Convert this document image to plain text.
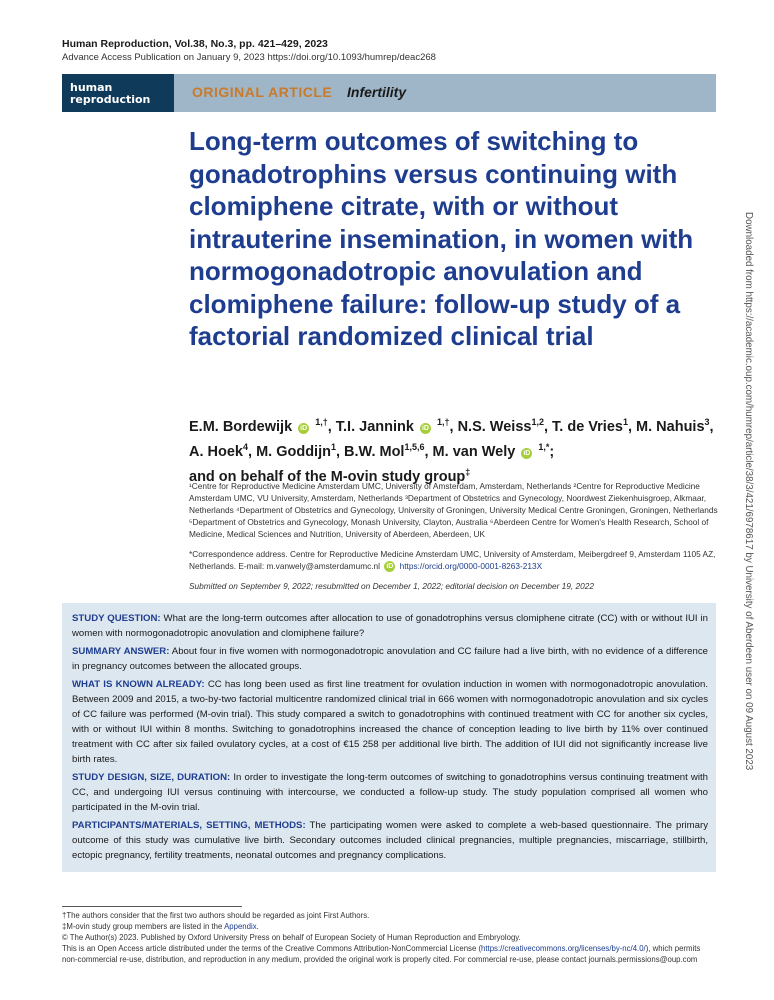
Human Reproduction, Vol.38, No.3, pp. 421–429, 2023
Advance Access Publication on January 9, 2023 https://doi.org/10.1093/humrep/deac268
human
reproduction	ORIGINAL ARTICLE Infertility
Long-term outcomes of switching to gonadotrophins versus continuing with clomiphene citrate, with or without intrauterine insemination, in women with normogonadotropic anovulation and clomiphene failure: follow-up study of a factorial randomized clinical trial
E.M. Bordewijk iD $^{1,\dagger}$, T.I. Jannink iD $^{1,\dagger}$, N.S. Weiss$^{1,2}$, T. de Vries$^1$, M. Nahuis$^3$, A. Hoek$^4$, M. Goddijn$^1$, B.W. Mol$^{1,5,6}$, M. van Wely iD $^{1,*}$;
and on behalf of the M-ovin study group‡
¹Centre for Reproductive Medicine Amsterdam UMC, University of Amsterdam, Amsterdam, Netherlands ²Centre for Reproductive Medicine Amsterdam UMC, VU University, Amsterdam, Netherlands ³Department of Obstetrics and Gynecology, Noordwest Ziekenhuisgroep, Alkmaar, Netherlands ⁴Department of Obstetrics and Gynecology, University of Groningen, University Medical Centre Groningen, Groningen, Netherlands ⁵Department of Obstetrics and Gynecology, Monash University, Clayton, Australia ⁶Aberdeen Centre for Women's Health Research, School of Medicine, Medical Sciences and Nutrition, University of Aberdeen, Aberdeen, UK
*Correspondence address. Centre for Reproductive Medicine Amsterdam UMC, University of Amsterdam, Meibergdreef 9, Amsterdam 1105 AZ, Netherlands. E-mail: m.vanwely@amsterdamumc.nl iD https://orcid.org/0000-0001-8263-213X
Submitted on September 9, 2022; resubmitted on December 1, 2022; editorial decision on December 19, 2022

STUDY QUESTION: What are the long-term outcomes after allocation to use of gonadotrophins versus clomiphene citrate (CC) with or without IUI in women with normogonadotropic anovulation and clomiphene failure?

SUMMARY ANSWER: About four in five women with normogonadotropic anovulation and CC failure had a live birth, with no evidence of a difference in pregnancy outcomes between the allocated groups.

WHAT IS KNOWN ALREADY: CC has long been used as first line treatment for ovulation induction in women with normogonadotropic anovulation. Between 2009 and 2015, a two-by-two factorial multicentre randomized clinical trial in 666 women with normogonadotropic anovulation and six cycles of CC failure was performed (M-ovin trial). This study compared a switch to gonadotrophins with continued treatment with CC for another six cycles, with or without IUI within 8 months. Switching to gonadotrophins increased the chance of conception leading to live birth by 11% over continued treatment with CC after six failed ovulatory cycles, at a cost of €15 258 per additional live birth. The addition of IUI did not significantly increase live birth rates.

STUDY DESIGN, SIZE, DURATION: In order to investigate the long-term outcomes of switching to gonadotrophins versus continuing treatment with CC, and undergoing IUI versus continuing with intercourse, we conducted a follow-up study. The study population comprised all women who participated in the M-ovin trial.

PARTICIPANTS/MATERIALS, SETTING, METHODS: The participating women were asked to complete a web-based questionnaire. The primary outcome of this study was cumulative live birth. Secondary outcomes included clinical pregnancies, multiple pregnancies, miscarriage, stillbirth, ectopic pregnancy, fertility treatments, neonatal outcomes and pregnancy complications.

†The authors consider that the first two authors should be regarded as joint First Authors.
‡M-ovin study group members are listed in the Appendix.
© The Author(s) 2023. Published by Oxford University Press on behalf of European Society of Human Reproduction and Embryology.
This is an Open Access article distributed under the terms of the Creative Commons Attribution-NonCommercial License (https://creativecommons.org/licenses/by-nc/4.0/), which permits non-commercial re-use, distribution, and reproduction in any medium, provided the original work is properly cited. For commercial re-use, please contact journals.permissions@oup.com
Downloaded from https://academic.oup.com/humrep/article/38/3/421/6978617 by University of Aberdeen user on 09 August 2023
